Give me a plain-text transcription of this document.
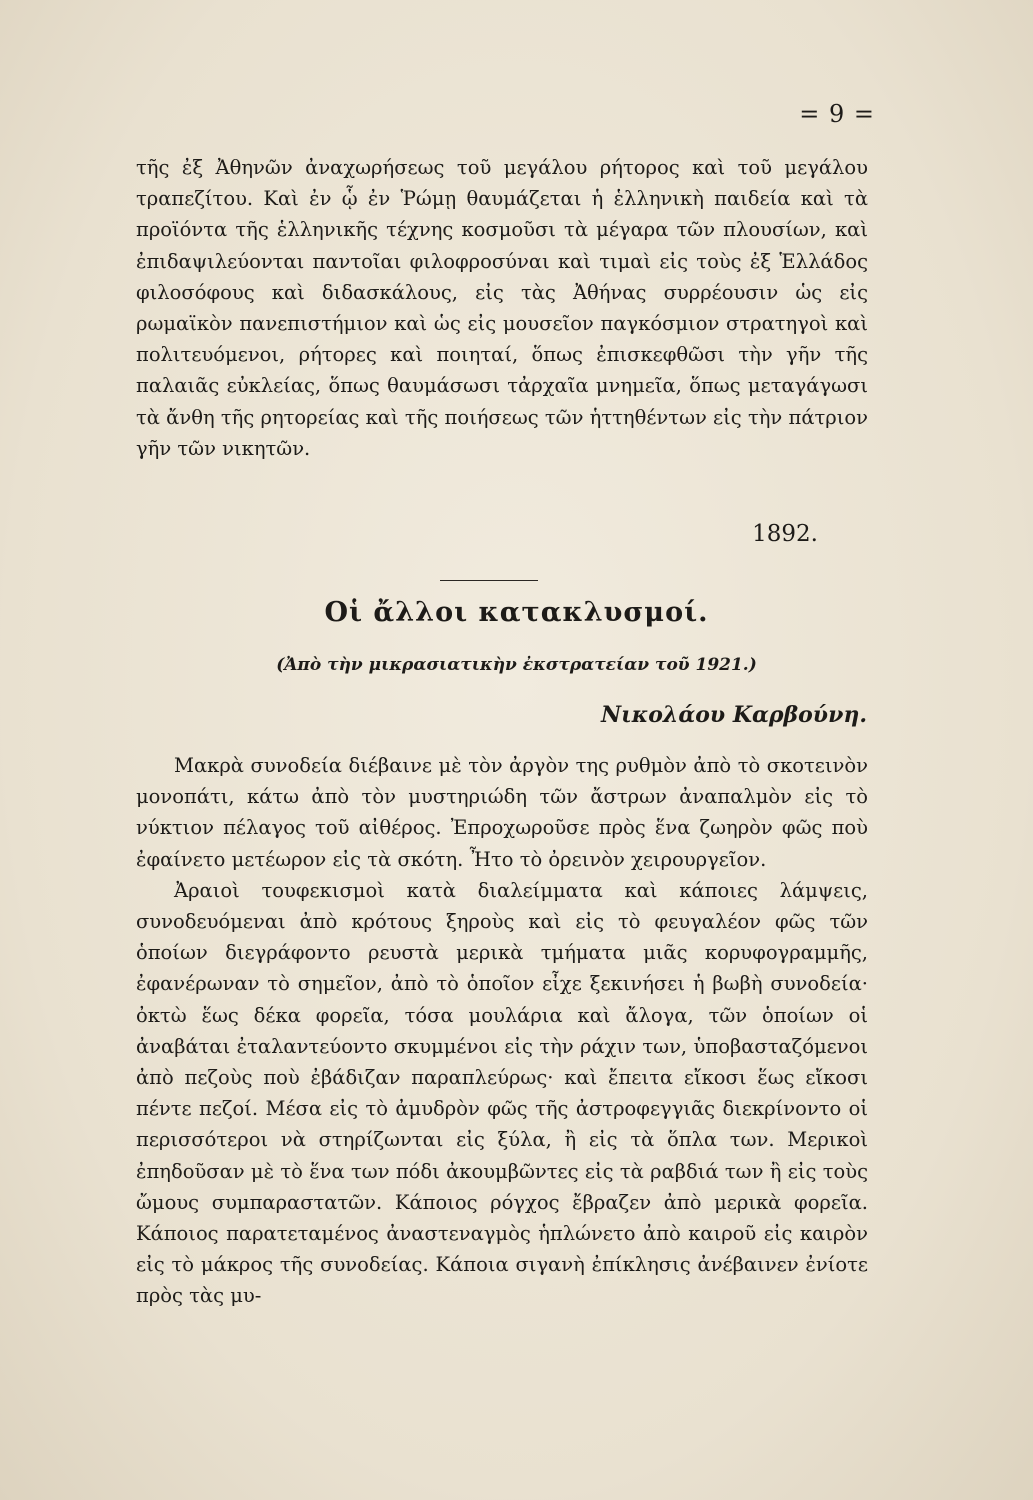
= 9 =

τῆς ἐξ Ἀθηνῶν ἀναχωρήσεως τοῦ μεγάλου ρήτορος καὶ τοῦ μεγάλου τραπεζίτου. Καὶ ἐν ᾧ ἐν Ῥώμῃ θαυμάζεται ἡ ἑλληνικὴ παιδεία καὶ τὰ προϊόντα τῆς ἑλληνικῆς τέχνης κοσμοῦσι τὰ μέγαρα τῶν πλουσίων, καὶ ἐπιδαψιλεύονται παντοῖαι φιλοφροσύναι καὶ τιμαὶ εἰς τοὺς ἐξ Ἑλλάδος φιλοσόφους καὶ διδασκάλους, εἰς τὰς Ἀθήνας συρρέουσιν ὡς εἰς ρωμαϊκὸν πανεπιστήμιον καὶ ὡς εἰς μουσεῖον παγκόσμιον στρατηγοὶ καὶ πολιτευόμενοι, ρήτορες καὶ ποιηταί, ὅπως ἐπισκεφθῶσι τὴν γῆν τῆς παλαιᾶς εὐκλείας, ὅπως θαυμάσωσι τἀρχαῖα μνημεῖα, ὅπως μεταγάγωσι τὰ ἄνθη τῆς ρητορείας καὶ τῆς ποιήσεως τῶν ἡττηθέντων εἰς τὴν πάτριον γῆν τῶν νικητῶν.

1892.
Οἱ ἄλλοι κατακλυσμοί.
(Ἀπὸ τὴν μικρασιατικὴν ἐκστρατείαν τοῦ 1921.)
Νικολάου Καρβούνη.

Μακρὰ συνοδεία διέβαινε μὲ τὸν ἀργὸν της ρυθμὸν ἀπὸ τὸ σκοτεινὸν μονοπάτι, κάτω ἀπὸ τὸν μυστηριώδη τῶν ἄστρων ἀναπαλμὸν εἰς τὸ νύκτιον πέλαγος τοῦ αἰθέρος. Ἐπροχωροῦσε πρὸς ἕνα ζωηρὸν φῶς ποὺ ἐφαίνετο μετέωρον εἰς τὰ σκότη. Ἦτο τὸ ὀρεινὸν χειρουργεῖον.

Ἀραιοὶ τουφεκισμοὶ κατὰ διαλείμματα καὶ κάποιες λάμψεις, συνοδευόμεναι ἀπὸ κρότους ξηροὺς καὶ εἰς τὸ φευγαλέον φῶς τῶν ὁποίων διεγράφοντο ρευστὰ μερικὰ τμήματα μιᾶς κορυφογραμμῆς, ἐφανέρωναν τὸ σημεῖον, ἀπὸ τὸ ὁποῖον εἶχε ξεκινήσει ἡ βωβὴ συνοδεία· ὀκτὼ ἕως δέκα φορεῖα, τόσα μουλάρια καὶ ἄλογα, τῶν ὁποίων οἱ ἀναβάται ἐταλαντεύοντο σκυμμένοι εἰς τὴν ράχιν των, ὑποβασταζόμενοι ἀπὸ πεζοὺς ποὺ ἐβάδιζαν παραπλεύρως· καὶ ἔπειτα εἴκοσι ἕως εἴκοσι πέντε πεζοί. Μέσα εἰς τὸ ἀμυδρὸν φῶς τῆς ἀστροφεγγιᾶς διεκρίνοντο οἱ περισσότεροι νὰ στηρίζωνται εἰς ξύλα, ἢ εἰς τὰ ὅπλα των. Μερικοὶ ἐπηδοῦσαν μὲ τὸ ἕνα των πόδι ἀκουμβῶντες εἰς τὰ ραβδιά των ἢ εἰς τοὺς ὤμους συμπαραστατῶν. Κάποιος ρόγχος ἔβραζεν ἀπὸ μερικὰ φορεῖα. Κάποιος παρατεταμένος ἀναστεναγμὸς ἡπλώνετο ἀπὸ καιροῦ εἰς καιρὸν εἰς τὸ μάκρος τῆς συνοδείας. Κάποια σιγανὴ ἐπίκλησις ἀνέβαινεν ἐνίοτε πρὸς τὰς μυ-
